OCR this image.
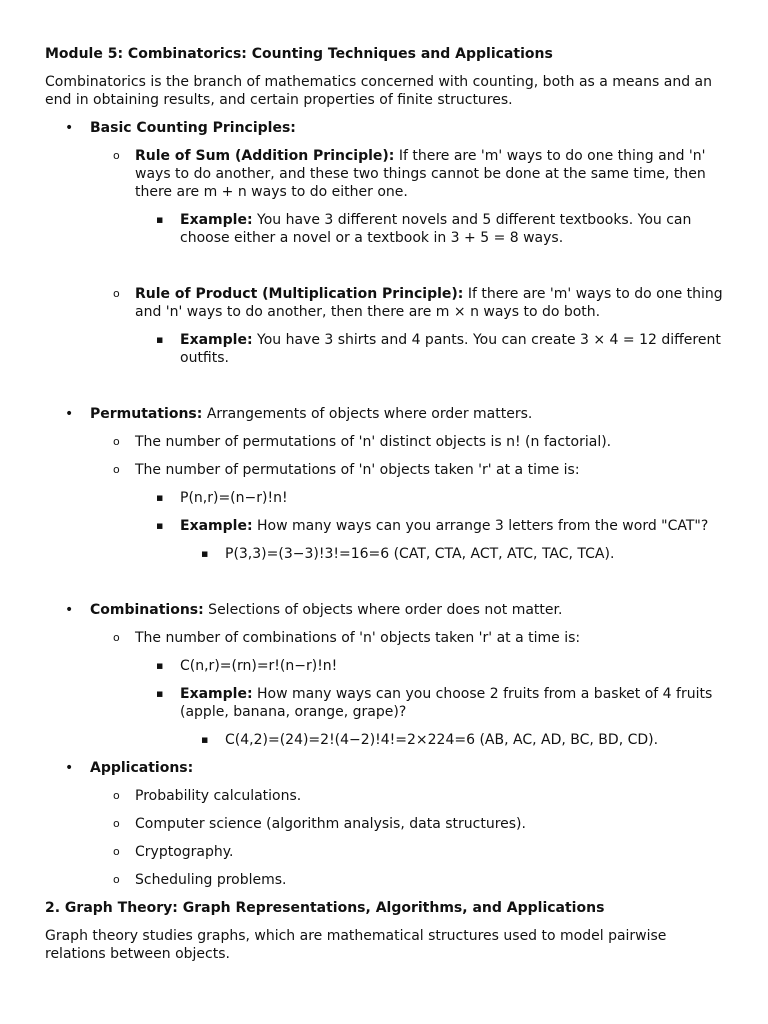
Module 5: Combinatorics: Counting Techniques and Applications

Combinatorics is the branch of mathematics concerned with counting, both as a means and an end in obtaining results, and certain properties of finite structures.

• Basic Counting Principles:
o Rule of Sum (Addition Principle): If there are 'm' ways to do one thing and 'n' ways to do another, and these two things cannot be done at the same time, then there are m + n ways to do either one.
▪ Example: You have 3 different novels and 5 different textbooks. You can choose either a novel or a textbook in 3 + 5 = 8 ways.
o Rule of Product (Multiplication Principle): If there are 'm' ways to do one thing and 'n' ways to do another, then there are m × n ways to do both.
▪ Example: You have 3 shirts and 4 pants. You can create 3 × 4 = 12 different outfits.
• Permutations: Arrangements of objects where order matters.
o The number of permutations of 'n' distinct objects is n! (n factorial).
o The number of permutations of 'n' objects taken 'r' at a time is:
▪ P(n,r)=(n−r)!n!
▪ Example: How many ways can you arrange 3 letters from the word "CAT"?
▪ P(3,3)=(3−3)!3!=16=6 (CAT, CTA, ACT, ATC, TAC, TCA).
• Combinations: Selections of objects where order does not matter.
o The number of combinations of 'n' objects taken 'r' at a time is:
▪ C(n,r)=(rn)=r!(n−r)!n!
▪ Example: How many ways can you choose 2 fruits from a basket of 4 fruits (apple, banana, orange, grape)?
▪ C(4,2)=(24)=2!(4−2)!4!=2×224=6 (AB, AC, AD, BC, BD, CD).
• Applications:
o Probability calculations.
o Computer science (algorithm analysis, data structures).
o Cryptography.
o Scheduling problems.

2. Graph Theory: Graph Representations, Algorithms, and Applications

Graph theory studies graphs, which are mathematical structures used to model pairwise relations between objects.
